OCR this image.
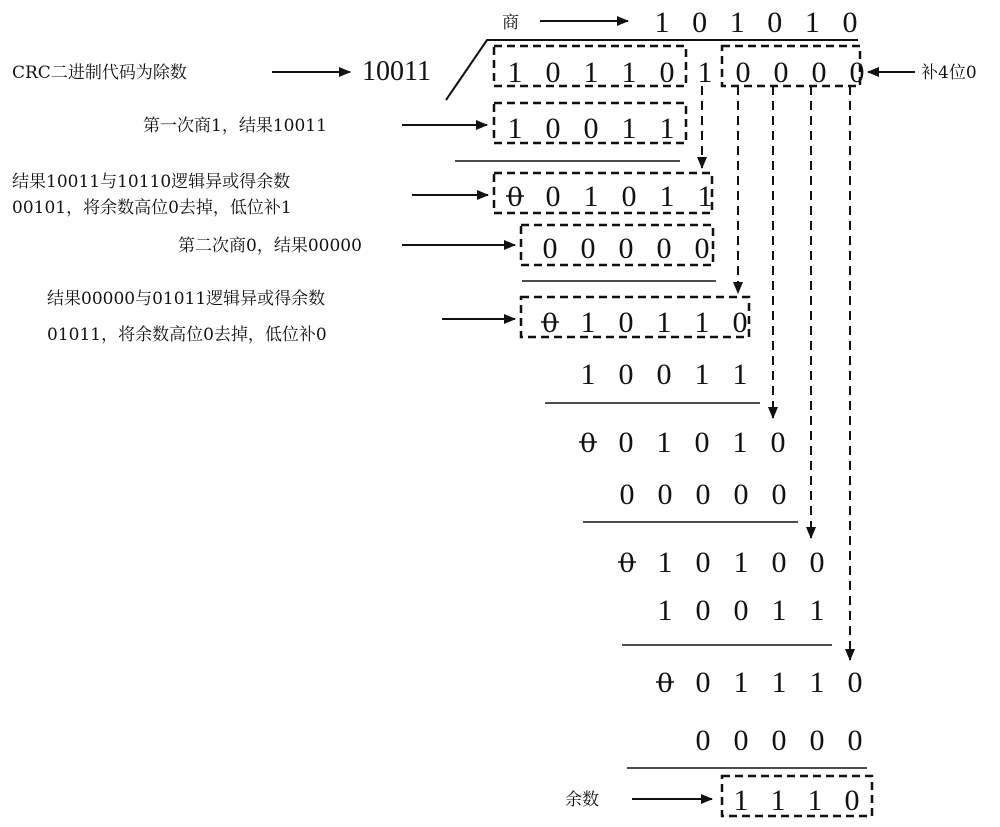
商
CRC二进制代码为除数	10011	补4位0
第一次商1，结果10011
结果10011与10110逻辑异或得余数
00101，将余数高位0去掉，低位补1
第二次商0，结果00000
结果00000与01011逻辑异或得余数
01011，将余数高位0去掉，低位补0
余数
1 0 1 0 1 0
1 0 1 1 0 1 0 0 0 0
1 0 0 1 1
0 0 1 0 1 1
0 0 0 0 0
0 1 0 1 1 0
1 0 0 1 1
0 0 1 0 1 0
0 0 0 0 0
0 1 0 1 0 0
1 0 0 1 1
0 0 1 1 1 0
0 0 0 0 0
1 1 1 0
